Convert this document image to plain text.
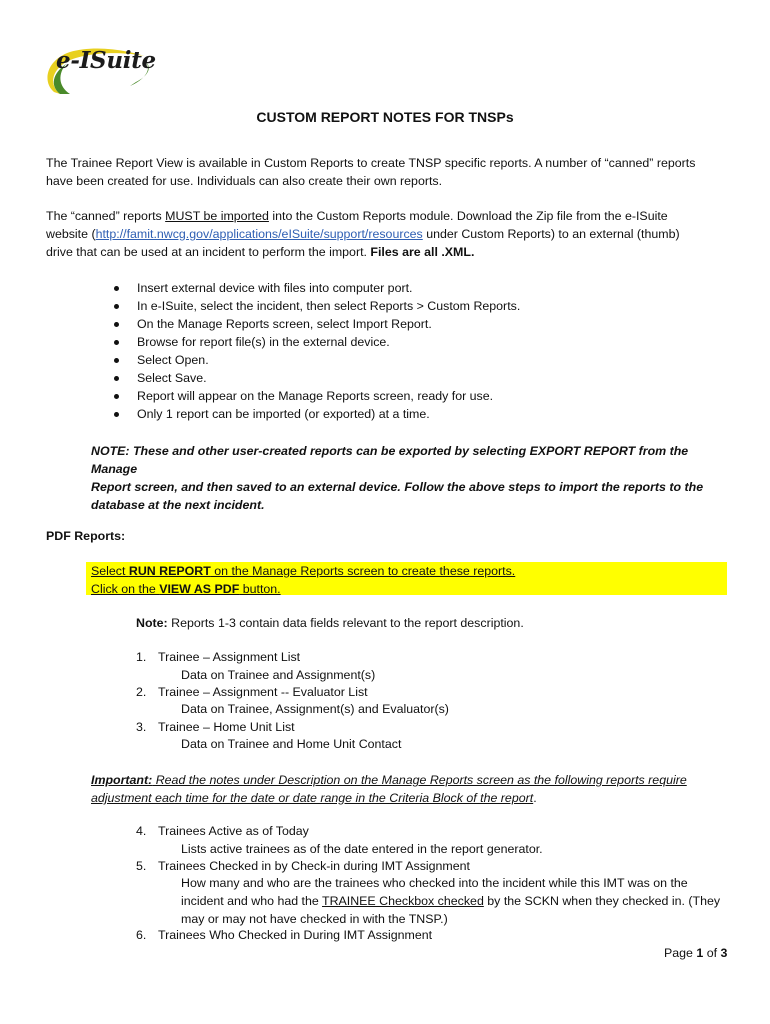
e-ISuite
CUSTOM REPORT NOTES FOR TNSPs
The Trainee Report View is available in Custom Reports to create TNSP specific reports. A number of “canned” reports
have been created for use. Individuals can also create their own reports.
The “canned” reports MUST be imported into the Custom Reports module. Download the Zip file from the e-ISuite
website (http://famit.nwcg.gov/applications/eISuite/support/resources under Custom Reports) to an external (thumb)
drive that can be used at an incident to perform the import. Files are all .XML.
Insert external device with files into computer port.
In e-ISuite, select the incident, then select Reports > Custom Reports.
On the Manage Reports screen, select Import Report.
Browse for report file(s) in the external device.
Select Open.
Select Save.
Report will appear on the Manage Reports screen, ready for use.
Only 1 report can be imported (or exported) at a time.
NOTE: These and other user-created reports can be exported by selecting EXPORT REPORT from the Manage
Report screen, and then saved to an external device. Follow the above steps to import the reports to the
database at the next incident.
PDF Reports:
Select RUN REPORT on the Manage Reports screen to create these reports.
Click on the VIEW AS PDF button.
Note: Reports 1-3 contain data fields relevant to the report description.
1. Trainee – Assignment List
Data on Trainee and Assignment(s)
2. Trainee – Assignment -- Evaluator List
Data on Trainee, Assignment(s) and Evaluator(s)
3. Trainee – Home Unit List
Data on Trainee and Home Unit Contact
Important: Read the notes under Description on the Manage Reports screen as the following reports require
adjustment each time for the date or date range in the Criteria Block of the report.
4. Trainees Active as of Today
Lists active trainees as of the date entered in the report generator.
5. Trainees Checked in by Check-in during IMT Assignment
How many and who are the trainees who checked into the incident while this IMT was on the
incident and who had the TRAINEE Checkbox checked by the SCKN when they checked in. (They
may or may not have checked in with the TNSP.)
6. Trainees Who Checked in During IMT Assignment
Page 1 of 3
